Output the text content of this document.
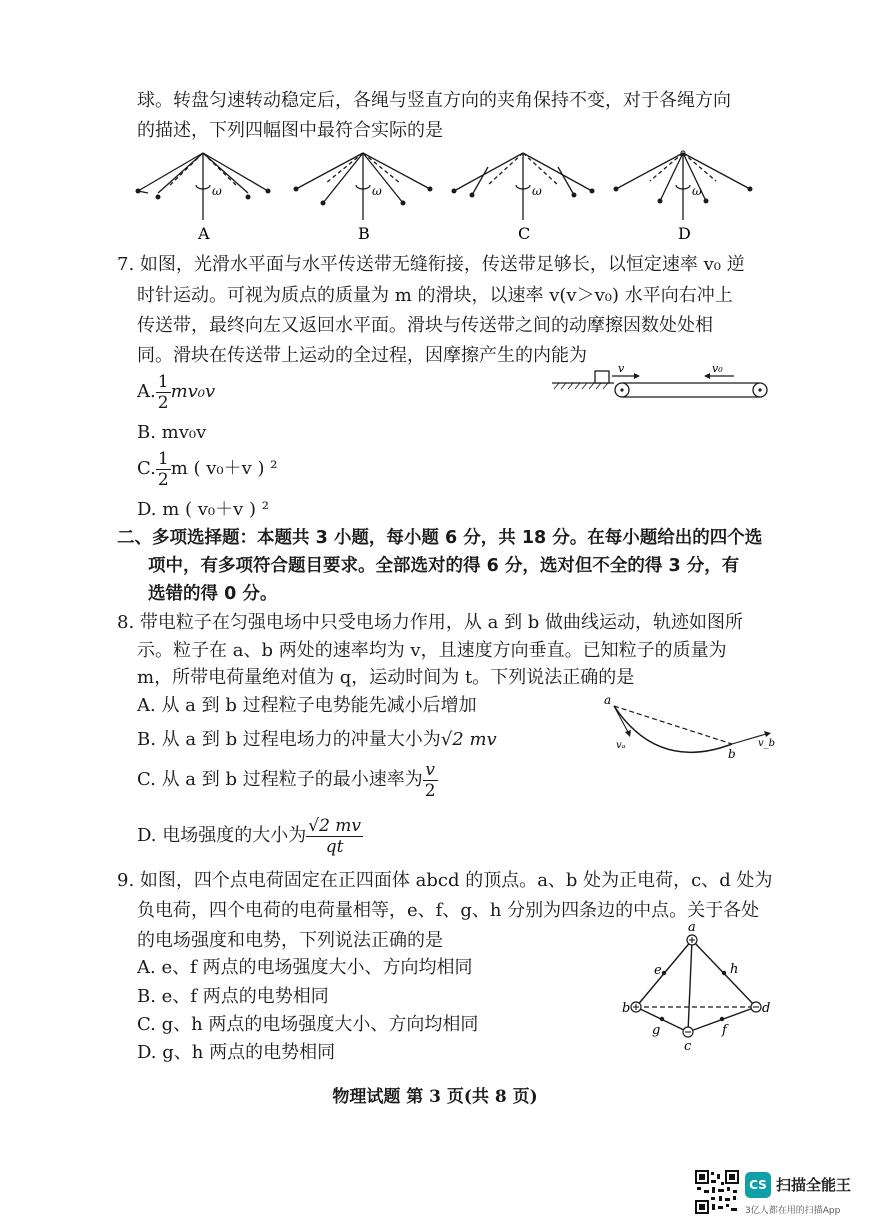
球。转盘匀速转动稳定后，各绳与竖直方向的夹角保持不变，对于各绳方向
的描述，下列四幅图中最符合实际的是
ω
A
ω
B
ω
C
ω
D
7. 如图，光滑水平面与水平传送带无缝衔接，传送带足够长，以恒定速率 v₀ 逆
时针运动。可视为质点的质量为 m 的滑块，以速率 v(v＞v₀) 水平向右冲上
传送带，最终向左又返回水平面。滑块与传送带之间的动摩擦因数处处相
同。滑块在传送带上运动的全过程，因摩擦产生的内能为
A. $\frac{1}{2} mv_0v$
B. mv₀v
C. $\frac{1}{2}$ m ( v₀＋v ) ²
D. m ( v₀＋v ) ²
v	v₀
二、多项选择题：本题共 3 小题，每小题 6 分，共 18 分。在每小题给出的四个选
项中，有多项符合题目要求。全部选对的得 6 分，选对但不全的得 3 分，有
选错的得 0 分。
8. 带电粒子在匀强电场中只受电场力作用，从 a 到 b 做曲线运动，轨迹如图所
示。粒子在 a、b 两处的速率均为 v，且速度方向垂直。已知粒子的质量为
m，所带电荷量绝对值为 q，运动时间为 t。下列说法正确的是
A. 从 a 到 b 过程粒子电势能先减小后增加
B. 从 a 到 b 过程电场力的冲量大小为√2 mv
C. 从 a 到 b 过程粒子的最小速率为 $\frac{v}{2}$
D. 电场强度的大小为 $\frac{√2 mv}{qt}$
a
vₐ	v_b
b
9. 如图，四个点电荷固定在正四面体 abcd 的顶点。a、b 处为正电荷，c、d 处为
负电荷，四个电荷的电荷量相等，e、f、g、h 分别为四条边的中点。关于各处
的电场强度和电势，下列说法正确的是
A. e、f 两点的电场强度大小、方向均相同
B. e、f 两点的电势相同
C. g、h 两点的电场强度大小、方向均相同
D. g、h 两点的电势相同
a
b
c
d
e	h
g	f
物理试题 第 3 页(共 8 页)
CS 扫描全能王
3亿人都在用的扫描App
